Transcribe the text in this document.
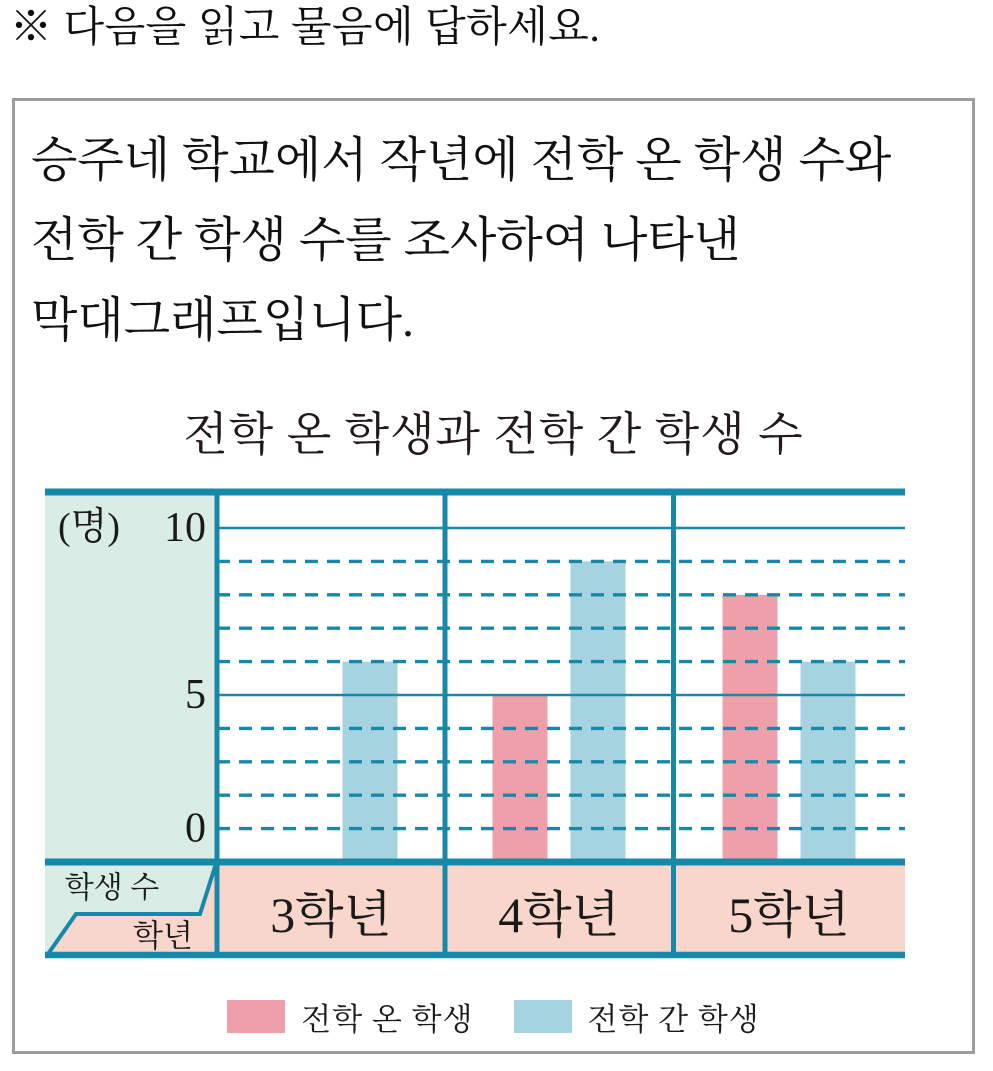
※ 다음을 읽고 물음에 답하세요.
승주네 학교에서 작년에 전학 온 학생 수와
전학 간 학생 수를 조사하여 나타낸
막대그래프입니다.
전학 온 학생과 전학 간 학생 수
전학 온 학생	전학 간 학생
(명) 10
5
0
3학년 4학년 5학년
학생 수
학년
